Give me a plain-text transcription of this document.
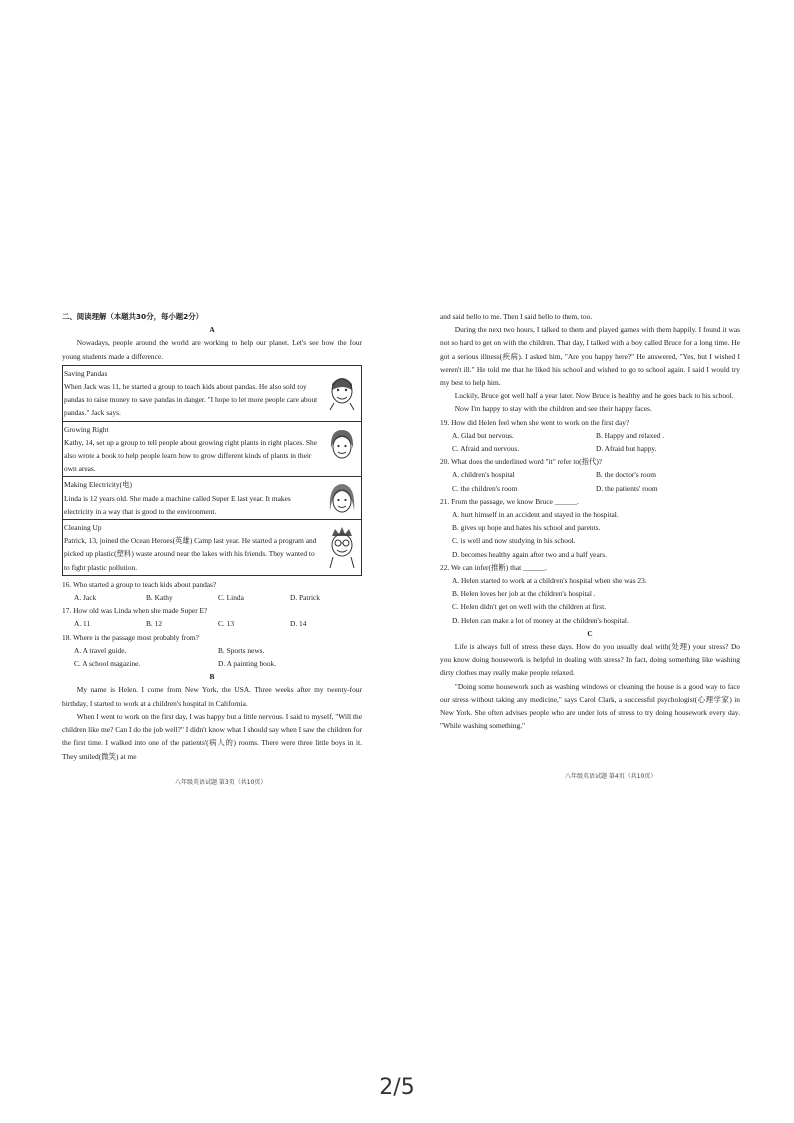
二、阅读理解（本题共30分，每小题2分）
A

Nowadays, people around the world are working to help our planet. Let's see how the four young students made a difference.

Saving Pandas

When Jack was 11, he started a group to teach kids about pandas. He also sold toy pandas to raise money to save pandas in danger. "I hope to let more people care about pandas." Jack says.

Growing Right

Kathy, 14, set up a group to tell people about growing right plants in right places. She also wrote a book to help people learn how to grow different kinds of plants in their own areas.

Making Electricity(电)

Linda is 12 years old. She made a machine called Super E last year. It makes electricity in a way that is good to the environment.

Cleaning Up

Patrick, 13, joined the Ocean Heroes(英雄) Camp last year. He started a program and picked up plastic(塑料) waste around near the lakes with his friends. They wanted to to fight plastic pollution.

16. Who started a group to teach kids about pandas?

A. Jack	B. Kathy	C. Linda	D. Patrick

17. How old was Linda when she made Super E?

A. 11	B. 12	C. 13	D. 14

18. Where is the passage most probably from?

A. A travel guide.	B. Sports news.
C. A school magazine.	D. A painting book.
B

My name is Helen. I come from New York, the USA. Three weeks after my twenty-four birthday, I started to work at a children's hospital in California.

When I went to work on the first day, I was happy but a little nervous. I said to myself, "Will the children like me? Can I do the job well?" I didn't know what I should say when I saw the children for the first time. I walked into one of the patients'(病人的) rooms. There were three little boys in it. They smiled(微笑) at me

八年级英语试题 第3页（共10页）

and said hello to me. Then I said hello to them, too.

During the next two hours, I talked to them and played games with them happily. I found it was not so hard to get on with the children. That day, I talked with a boy called Bruce for a long time. He got a serious illness(疾病). I asked him, "Are you happy here?" He answered, "Yes, but I wished I weren't ill." He told me that he liked his school and wished to go to school again. I said I would try my best to help him.

Luckily, Bruce got well half a year later. Now Bruce is healthy and he goes back to his school.

Now I'm happy to stay with the children and see their happy faces.

19. How did Helen feel when she went to work on the first day?

A. Glad but nervous.	B. Happy and relaxed .
C. Afraid and nervous.	D. Afraid but happy.

20. What does the underlined word "it" refer to(指代)?

A. children's hospital	B. the doctor's room
C. the children's room	D. the patients' room

21. From the passage, we know Bruce ______.

A. hurt himself in an accident and stayed in the hospital.

B. gives up hope and hates his school and parents.

C. is well and now studying in his school.

D. becomes healthy again after two and a half years.

22. We can infer(推断) that ______.

A. Helen started to work at a children's hospital when she was 23.

B. Helen loves her job at the children's hospital .

C. Helen didn't get on well with the children at first.

D. Helen can make a lot of money at the children's hospital.

C

Life is always full of stress these days. How do you usually deal with(处理) your stress? Do you know doing housework is helpful in dealing with stress? In fact, doing something like washing dirty clothes may really make people relaxed.

"Doing some housework such as washing windows or cleaning the house is a good way to face our stress without taking any medicine," says Carol Clark, a successful psychologist(心理学家) in New York. She often advises people who are under lots of stress to try doing housework every day. "While washing something,"

八年级英语试题 第4页（共10页）
2/5
